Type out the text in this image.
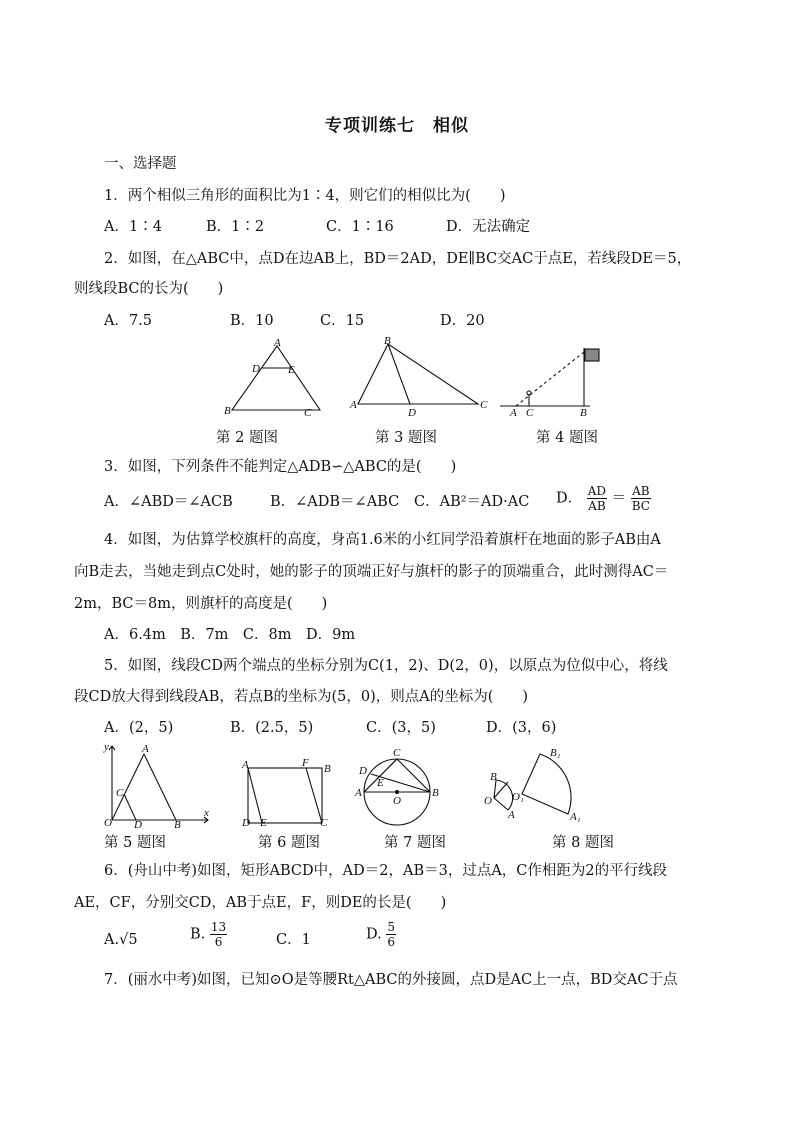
专项训练七　相似
一、选择题
1．两个相似三角形的面积比为1∶4，则它们的相似比为(　　)
A．1∶4	B．1∶2	C．1∶16	D．无法确定
2．如图，在△ABC中，点D在边AB上，BD＝2AD，DE∥BC交AC于点E，若线段DE＝5，
则线段BC的长为(　　)
A．7.5	B．10	C．15	D．20
A
D	E
B	C
B
A
D
C
A C	B
第 2 题图	第 3 题图	第 4 题图
3．如图，下列条件不能判定△ADB∽△ABC的是(　　)
A．∠ABD＝∠ACB	B．∠ADB＝∠ABC C．AB²＝AD·AC D． $\frac{AD}{AB} = \frac{AB}{BC}$
4．如图，为估算学校旗杆的高度，身高1.6米的小红同学沿着旗杆在地面的影子AB由A
向B走去，当她走到点C处时，她的影子的顶端正好与旗杆的影子的顶端重合，此时测得AC＝
2m，BC＝8m，则旗杆的高度是(　　)
A．6.4m　B．7m　C．8m　D．9m
5．如图，线段CD两个端点的坐标分别为C(1，2)、D(2，0)，以原点为位似中心，将线
段CD放大得到线段AB，若点B的坐标为(5，0)，则点A的坐标为(　　)
A．(2，5)	B．(2.5，5)	C．(3，5)	D．(3，6)
y	A
C
O D	B
x
A	F B
D E	C
C
D
E
A	B
O
B
O
A
B₁
O₁
A₁
第 5 题图	第 6 题图	第 7 题图	第 8 题图
6．(舟山中考)如图，矩形ABCD中，AD＝2，AB＝3，过点A，C作相距为2的平行线段
AE，CF，分别交CD，AB于点E，F，则DE的长是(　　)
A.√5	B. $\frac{13}{6}$	C．1	D. $\frac{5}{6}$
7．(丽水中考)如图，已知⊙O是等腰Rt△ABC的外接圆，点D是AC上一点，BD交AC于点
